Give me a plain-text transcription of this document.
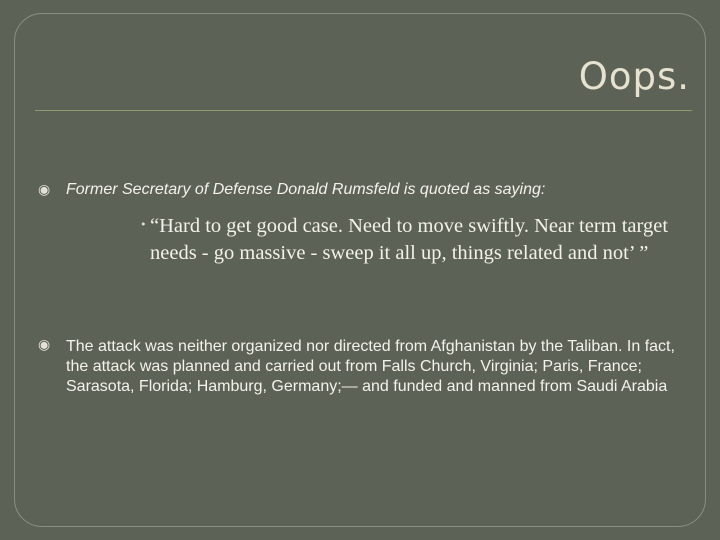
Oops.
◉ Former Secretary of Defense Donald Rumsfeld is quoted as saying:

• “Hard to get good case. Need to move swiftly. Near term target needs - go massive - sweep it all up, things related and not’ ”

◉ The attack was neither organized nor directed from Afghanistan by the Taliban. In fact, the attack was planned and carried out from Falls Church, Virginia; Paris, France; Sarasota, Florida; Hamburg, Germany;— and funded and manned from Saudi Arabia
